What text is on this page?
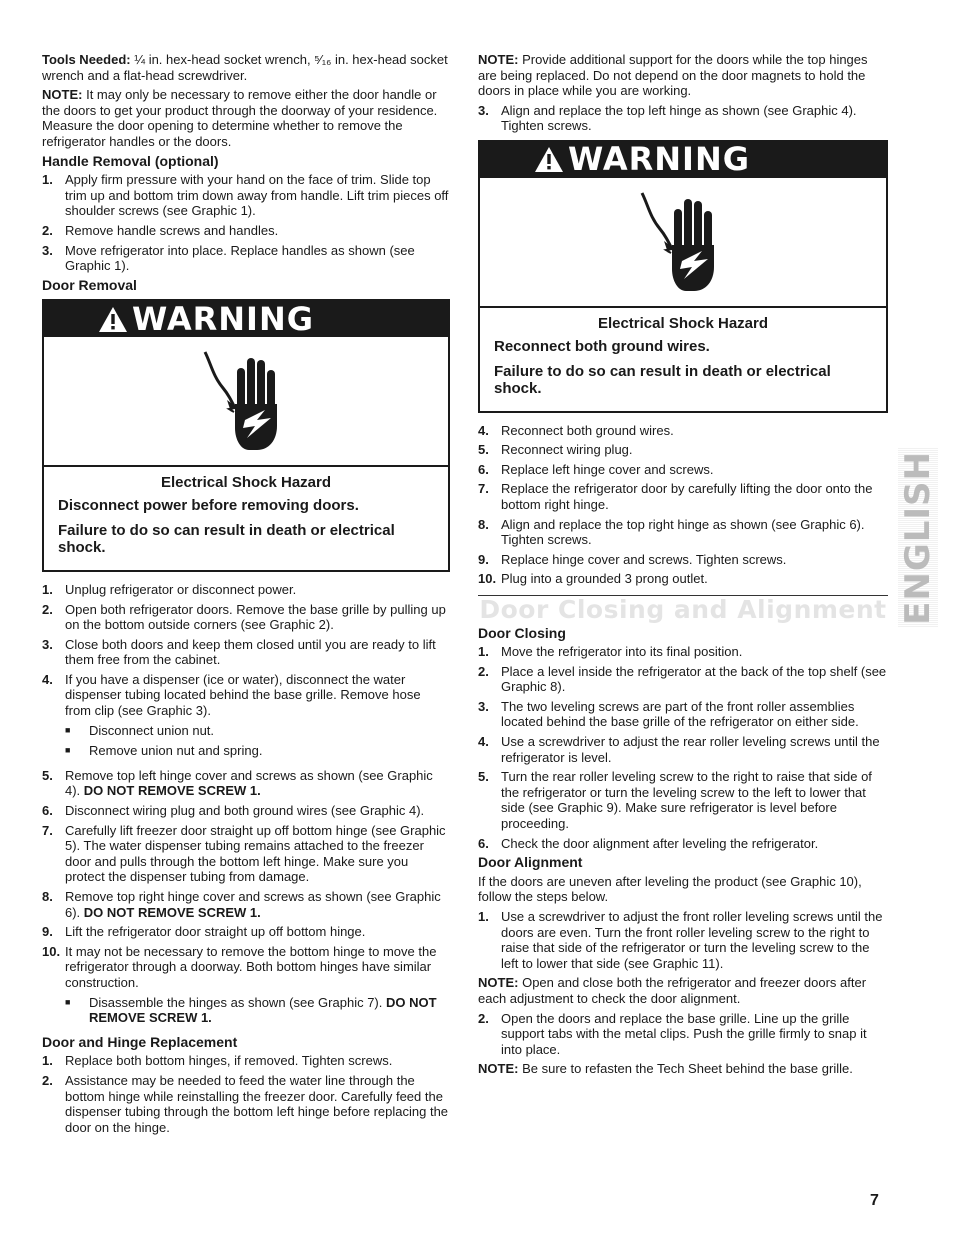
Tools Needed: ¼ in. hex-head socket wrench, ⁵⁄₁₆ in. hex-head socket wrench and a flat-head screwdriver.

NOTE: It may only be necessary to remove either the door handle or the doors to get your product through the doorway of your residence. Measure the door opening to determine whether to remove the refrigerator handles or the doors.

Handle Removal (optional)
1. Apply firm pressure with your hand on the face of trim. Slide top trim up and bottom trim down away from handle. Lift trim pieces off shoulder screws (see Graphic 1).
2. Remove handle screws and handles.
3. Move refrigerator into place. Replace handles as shown (see Graphic 1).
Door Removal
WARNING
Electrical Shock Hazard
Disconnect power before removing doors.
Failure to do so can result in death or electrical shock.
1. Unplug refrigerator or disconnect power.
2. Open both refrigerator doors. Remove the base grille by pulling up on the bottom outside corners (see Graphic 2).
3. Close both doors and keep them closed until you are ready to lift them free from the cabinet.
4. If you have a dispenser (ice or water), disconnect the water dispenser tubing located behind the base grille. Remove hose from clip (see Graphic 3).
■	Disconnect union nut.
■	Remove union nut and spring.
5. Remove top left hinge cover and screws as shown (see Graphic 4). DO NOT REMOVE SCREW 1.
6. Disconnect wiring plug and both ground wires (see Graphic 4).
7. Carefully lift freezer door straight up off bottom hinge (see Graphic 5). The water dispenser tubing remains attached to the freezer door and pulls through the bottom left hinge. Make sure you protect the dispenser tubing from damage.
8. Remove top right hinge cover and screws as shown (see Graphic 6). DO NOT REMOVE SCREW 1.
9. Lift the refrigerator door straight up off bottom hinge.
10. It may not be necessary to remove the bottom hinge to move the refrigerator through a doorway. Both bottom hinges have similar construction.
■	Disassemble the hinges as shown (see Graphic 7). DO NOT REMOVE SCREW 1.
Door and Hinge Replacement
1. Replace both bottom hinges, if removed. Tighten screws.
2. Assistance may be needed to feed the water line through the bottom hinge while reinstalling the freezer door. Carefully feed the dispenser tubing through the bottom left hinge before replacing the door on the hinge.

NOTE: Provide additional support for the doors while the top hinges are being replaced. Do not depend on the door magnets to hold the doors in place while you are working.

3. Align and replace the top left hinge as shown (see Graphic 4). Tighten screws.
WARNING
Electrical Shock Hazard
Reconnect both ground wires.
Failure to do so can result in death or electrical shock.
4. Reconnect both ground wires.
5. Reconnect wiring plug.
6. Replace left hinge cover and screws.
7. Replace the refrigerator door by carefully lifting the door onto the bottom right hinge.
8. Align and replace the top right hinge as shown (see Graphic 6). Tighten screws.
9. Replace hinge cover and screws. Tighten screws.
10. Plug into a grounded 3 prong outlet.
Door Closing and Alignment
Door Closing
1. Move the refrigerator into its final position.
2. Place a level inside the refrigerator at the back of the top shelf (see Graphic 8).
3. The two leveling screws are part of the front roller assemblies located behind the base grille of the refrigerator on either side.
4. Use a screwdriver to adjust the rear roller leveling screws until the refrigerator is level.
5. Turn the rear roller leveling screw to the right to raise that side of the refrigerator or turn the leveling screw to the left to lower that side (see Graphic 9). Make sure refrigerator is level before proceeding.
6. Check the door alignment after leveling the refrigerator.
Door Alignment

If the doors are uneven after leveling the product (see Graphic 10), follow the steps below.

1. Use a screwdriver to adjust the front roller leveling screws until the doors are even. Turn the front roller leveling screw to the right to raise that side of the refrigerator or turn the leveling screw to the left to lower that side (see Graphic 11).

NOTE: Open and close both the refrigerator and freezer doors after each adjustment to check the door alignment.

2. Open the doors and replace the base grille. Line up the grille support tabs with the metal clips. Push the grille firmly to snap it into place.

NOTE: Be sure to refasten the Tech Sheet behind the base grille.

ENGLISH
7
